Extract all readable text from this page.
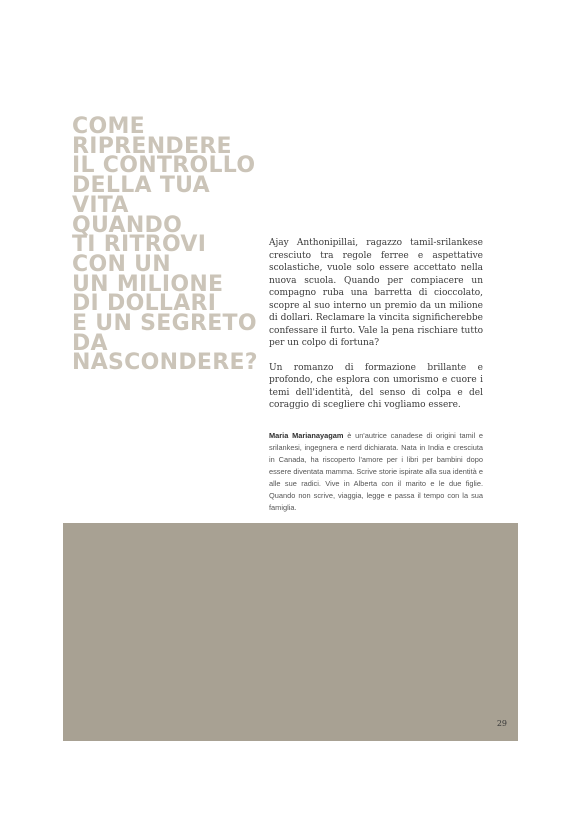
COME
RIPRENDERE
IL CONTROLLO
DELLA TUA VITA
QUANDO
TI RITROVI
CON UN
UN MILIONE
DI DOLLARI
E UN SEGRETO
DA
NASCONDERE?

Ajay Anthonipillai, ragazzo tamil-srilankese cresciuto tra regole ferree e aspettative scolastiche, vuole solo essere accettato nella nuova scuola. Quando per compiacere un compagno ruba una barretta di cioccolato, scopre al suo interno un premio da un milione di dollari. Reclamare la vincita significherebbe confessare il furto. Vale la pena rischiare tutto per un colpo di fortuna?

Un romanzo di formazione brillante e profondo, che esplora con umorismo e cuore i temi dell'identità, del senso di colpa e del coraggio di scegliere chi vogliamo essere.

Maria Marianayagam è un'autrice canadese di origini tamil e srilankesi, ingegnera e nerd dichiarata. Nata in India e cresciuta in Canada, ha riscoperto l'amore per i libri per bambini dopo essere diventata mamma. Scrive storie ispirate alla sua identità e alle sue radici. Vive in Alberta con il marito e le due figlie. Quando non scrive, viaggia, legge e passa il tempo con la sua famiglia.

29
